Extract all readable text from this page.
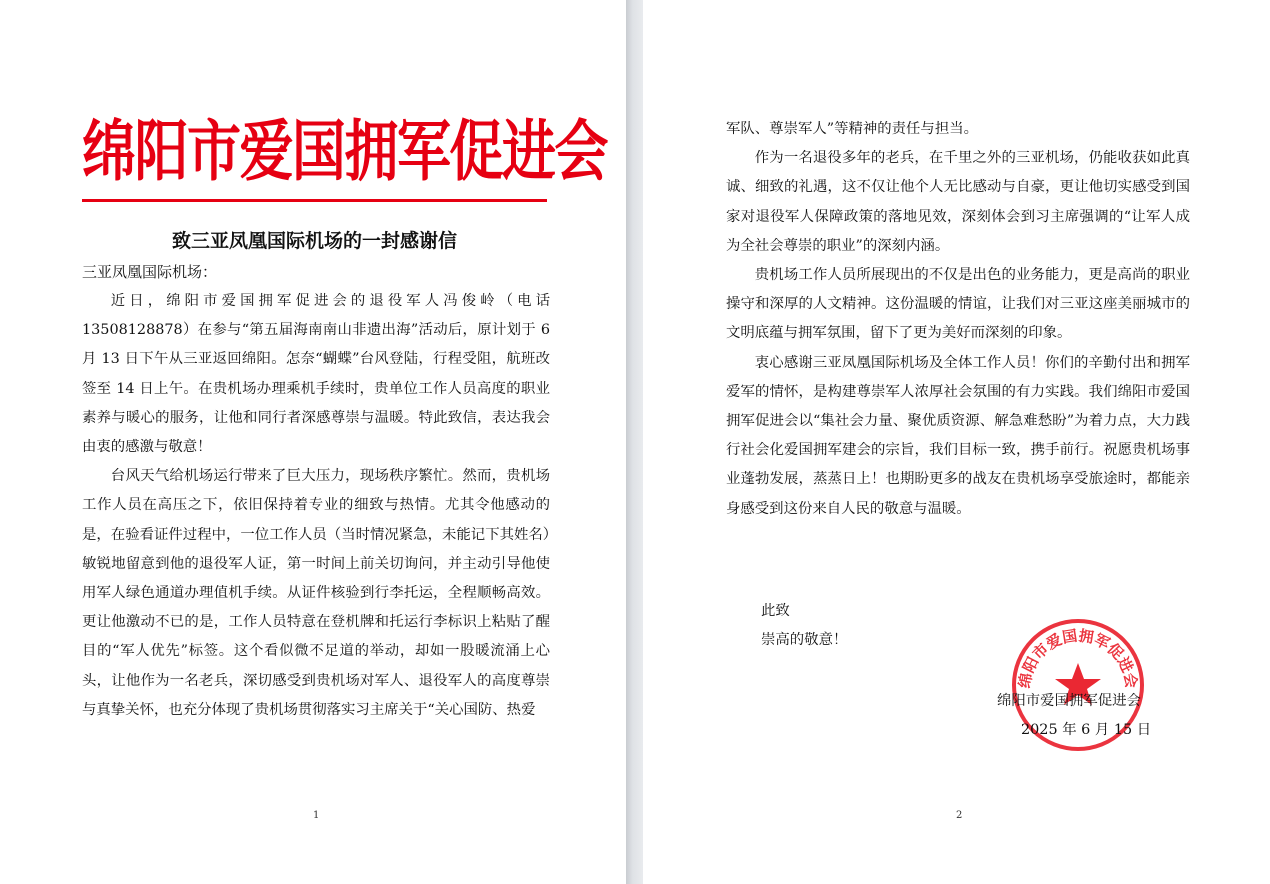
绵阳市爱国拥军促进会
致三亚凤凰国际机场的一封感谢信
三亚凤凰国际机场：

近日，绵阳市爱国拥军促进会的退役军人冯俊岭（电话13508128878）在参与“第五届海南南山非遗出海”活动后，原计划于 6 月 13 日下午从三亚返回绵阳。怎奈“蝴蝶”台风登陆，行程受阻，航班改签至 14 日上午。在贵机场办理乘机手续时，贵单位工作人员高度的职业素养与暖心的服务，让他和同行者深感尊崇与温暖。特此致信，表达我会由衷的感激与敬意！

台风天气给机场运行带来了巨大压力，现场秩序繁忙。然而，贵机场工作人员在高压之下，依旧保持着专业的细致与热情。尤其令他感动的是，在验看证件过程中，一位工作人员（当时情况紧急，未能记下其姓名）敏锐地留意到他的退役军人证，第一时间上前关切询问，并主动引导他使用军人绿色通道办理值机手续。从证件核验到行李托运，全程顺畅高效。更让他激动不已的是，工作人员特意在登机牌和托运行李标识上粘贴了醒目的“军人优先”标签。这个看似微不足道的举动，却如一股暖流涌上心头，让他作为一名老兵，深切感受到贵机场对军人、退役军人的高度尊崇与真挚关怀，也充分体现了贵机场贯彻落实习主席关于“关心国防、热爱

1

军队、尊崇军人”等精神的责任与担当。

作为一名退役多年的老兵，在千里之外的三亚机场，仍能收获如此真诚、细致的礼遇，这不仅让他个人无比感动与自豪，更让他切实感受到国家对退役军人保障政策的落地见效，深刻体会到习主席强调的“让军人成为全社会尊崇的职业”的深刻内涵。

贵机场工作人员所展现出的不仅是出色的业务能力，更是高尚的职业操守和深厚的人文精神。这份温暖的情谊，让我们对三亚这座美丽城市的文明底蕴与拥军氛围，留下了更为美好而深刻的印象。

衷心感谢三亚凤凰国际机场及全体工作人员！你们的辛勤付出和拥军爱军的情怀，是构建尊崇军人浓厚社会氛围的有力实践。我们绵阳市爱国拥军促进会以“集社会力量、聚优质资源、解急难愁盼”为着力点，大力践行社会化爱国拥军建会的宗旨，我们目标一致，携手前行。祝愿贵机场事业蓬勃发展，蒸蒸日上！也期盼更多的战友在贵机场享受旅途时，都能亲身感受到这份来自人民的敬意与温暖。

此致
崇高的敬意！
绵阳市爱国拥军促进会
绵阳市爱国拥军促进会
2025 年 6 月 15 日
2
